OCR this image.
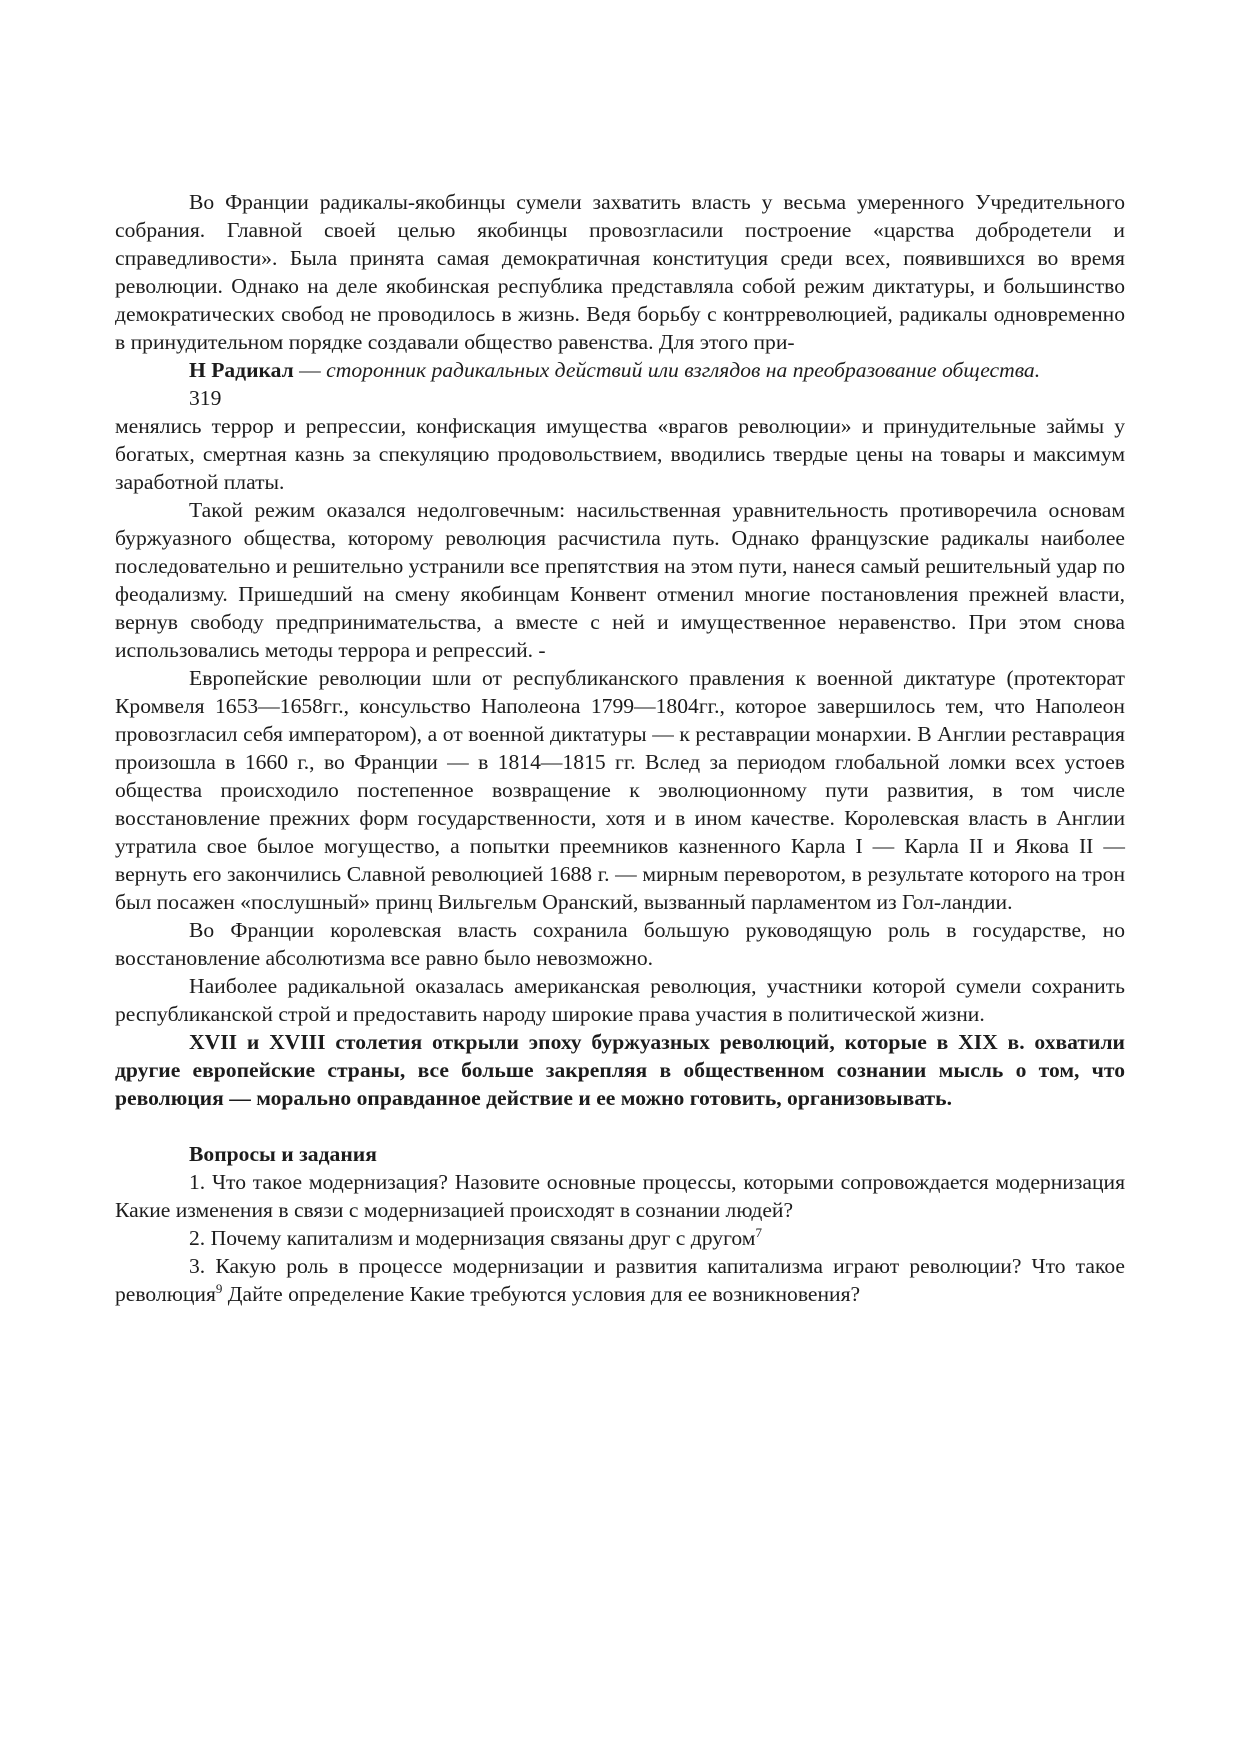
Во Франции радикалы-якобинцы сумели захватить власть у весьма умеренного Учредительного собрания. Главной своей целью якобинцы провозгласили построение «царства добродетели и справедливости». Была принята самая демократичная конституция среди всех, появившихся во время революции. Однако на деле якобинская республика представляла собой режим диктатуры, и большинство демократических свобод не проводилось в жизнь. Ведя борьбу с контрреволюцией, радикалы одновременно в принудительном порядке создавали общество равенства. Для этого при-

Н Радикал — сторонник радикальных действий или взглядов на преобразование общества.

319

менялись террор и репрессии, конфискация имущества «врагов революции» и принудительные займы у богатых, смертная казнь за спекуляцию продовольствием, вводились твердые цены на товары и максимум заработной платы.

Такой режим оказался недолговечным: насильственная уравнительность противоречила основам буржуазного общества, которому революция расчистила путь. Однако французские радикалы наиболее последовательно и решительно устранили все препятствия на этом пути, нанеся самый решительный удар по феодализму. Пришедший на смену якобинцам Конвент отменил многие постановления прежней власти, вернув свободу предпринимательства, а вместе с ней и имущественное неравенство. При этом снова использовались методы террора и репрессий. -

Европейские революции шли от республиканского правления к военной диктатуре (протекторат Кромвеля 1653—1658гг., консульство Наполеона 1799—1804гг., которое завершилось тем, что Наполеон провозгласил себя императором), а от военной диктатуры — к реставрации монархии. В Англии реставрация произошла в 1660 г., во Франции — в 1814—1815 гг. Вслед за периодом глобальной ломки всех устоев общества происходило постепенное возвращение к эволюционному пути развития, в том числе восстановление прежних форм государственности, хотя и в ином качестве. Королевская власть в Англии утратила свое былое могущество, а попытки преемников казненного Карла I — Карла II и Якова II — вернуть его закончились Славной революцией 1688 г. — мирным переворотом, в результате которого на трон был посажен «послушный» принц Вильгельм Оранский, вызванный парламентом из Гол-ландии.

Во Франции королевская власть сохранила большую руководящую роль в государстве, но восстановление абсолютизма все равно было невозможно.

Наиболее радикальной оказалась американская революция, участники которой сумели сохранить республиканской строй и предоставить народу широкие права участия в политической жизни.

XVII и XVIII столетия открыли эпоху буржуазных революций, которые в XIX в. охватили другие европейские страны, все больше закрепляя в общественном сознании мысль о том, что революция — морально оправданное действие и ее можно готовить, организовывать.

Вопросы и задания

1. Что такое модернизация? Назовите основные процессы, которыми сопровождается модернизация Какие изменения в связи с модернизацией происходят в сознании людей?

2. Почему капитализм и модернизация связаны друг с другом$^7$

3. Какую роль в процессе модернизации и развития капитализма играют революции? Что такое революция$^9$ Дайте определение Какие требуются условия для ее возникновения?
